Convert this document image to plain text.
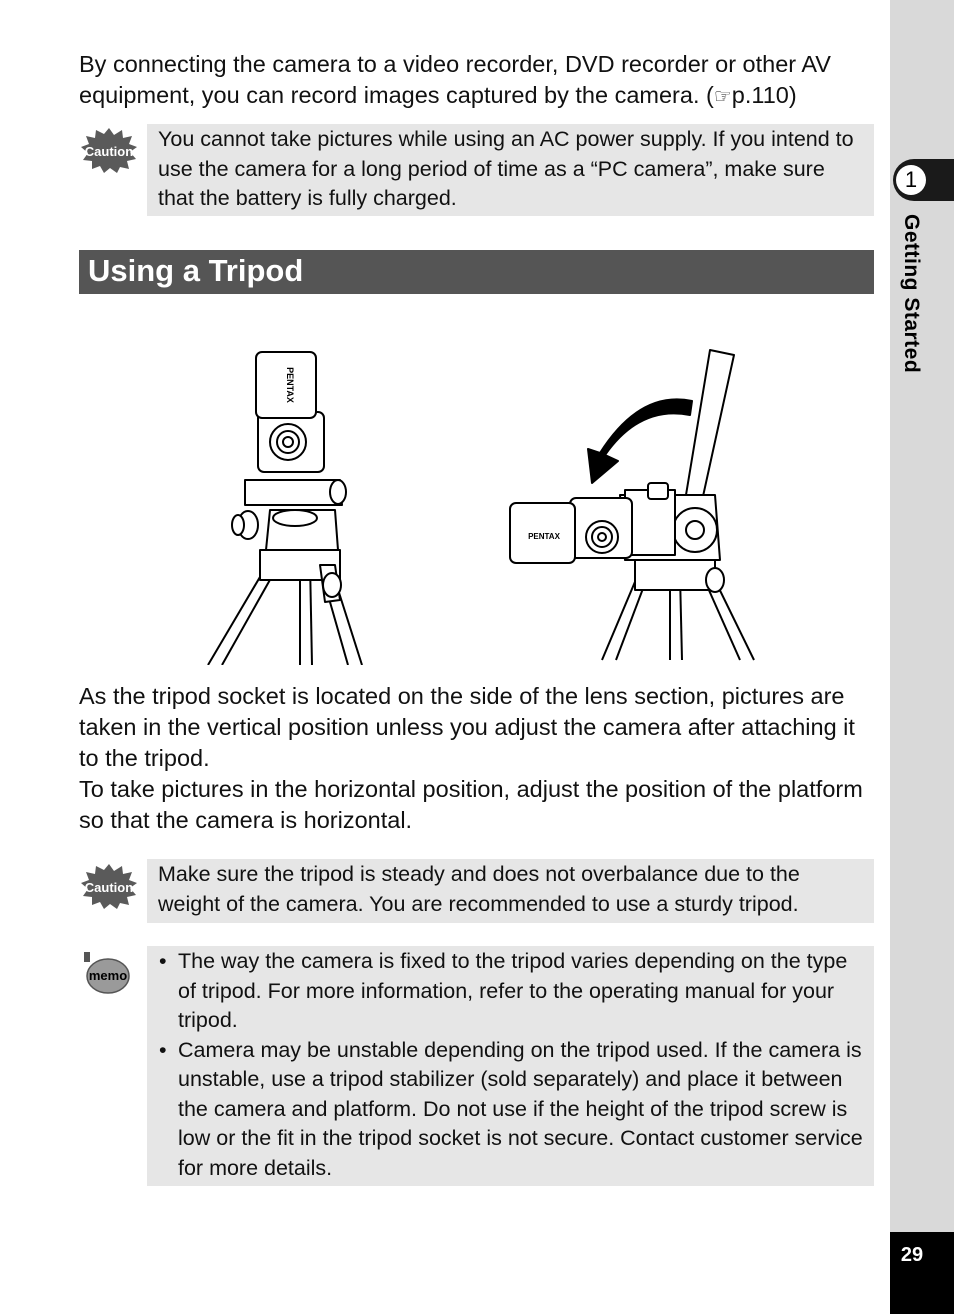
1
Getting Started
29

By connecting the camera to a video recorder, DVD recorder or other AV equipment, you can record images captured by the camera. (☞p.110)

Caution
You cannot take pictures while using an AC power supply. If you intend to use the camera for a long period of time as a “PC camera”, make sure that the battery is fully charged.
Using a Tripod
PENTAX
PENTAX

As the tripod socket is located on the side of the lens section, pictures are taken in the vertical position unless you adjust the camera after attaching it to the tripod.

To take pictures in the horizontal position, adjust the position of the platform so that the camera is horizontal.

Caution
Make sure the tripod is steady and does not overbalance due to the weight of the camera. You are recommended to use a sturdy tripod.
memo
• The way the camera is fixed to the tripod varies depending on the type of tripod. For more information, refer to the operating manual for your tripod.
• Camera may be unstable depending on the tripod used. If the camera is unstable, use a tripod stabilizer (sold separately) and place it between the camera and platform. Do not use if the height of the tripod screw is low or the fit in the tripod socket is not secure. Contact customer service for more details.
